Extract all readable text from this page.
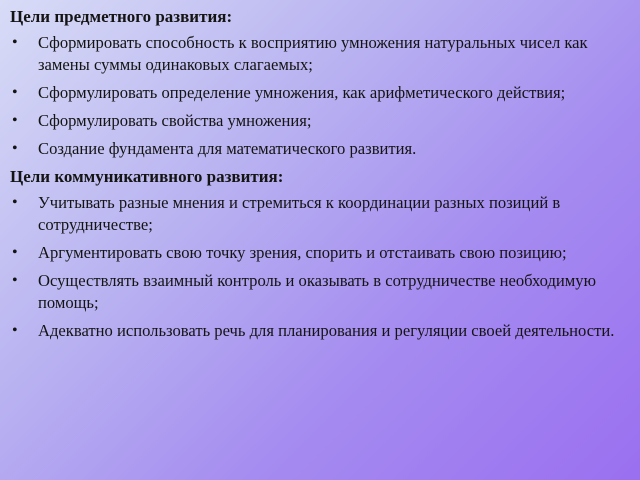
Цели предметного развития:
• Сформировать способность к восприятию умножения натуральных чисел как замены суммы одинаковых слагаемых;
• Сформулировать определение умножения, как арифметического действия;
• Сформулировать свойства умножения;
• Создание фундамента для математического развития.
Цели коммуникативного развития:
• Учитывать разные мнения и стремиться к координации разных позиций в сотрудничестве;
• Аргументировать свою точку зрения, спорить и отстаивать свою позицию;
• Осуществлять взаимный контроль и оказывать в сотрудничестве необходимую помощь;
• Адекватно использовать речь для планирования и регуляции своей деятельности.
